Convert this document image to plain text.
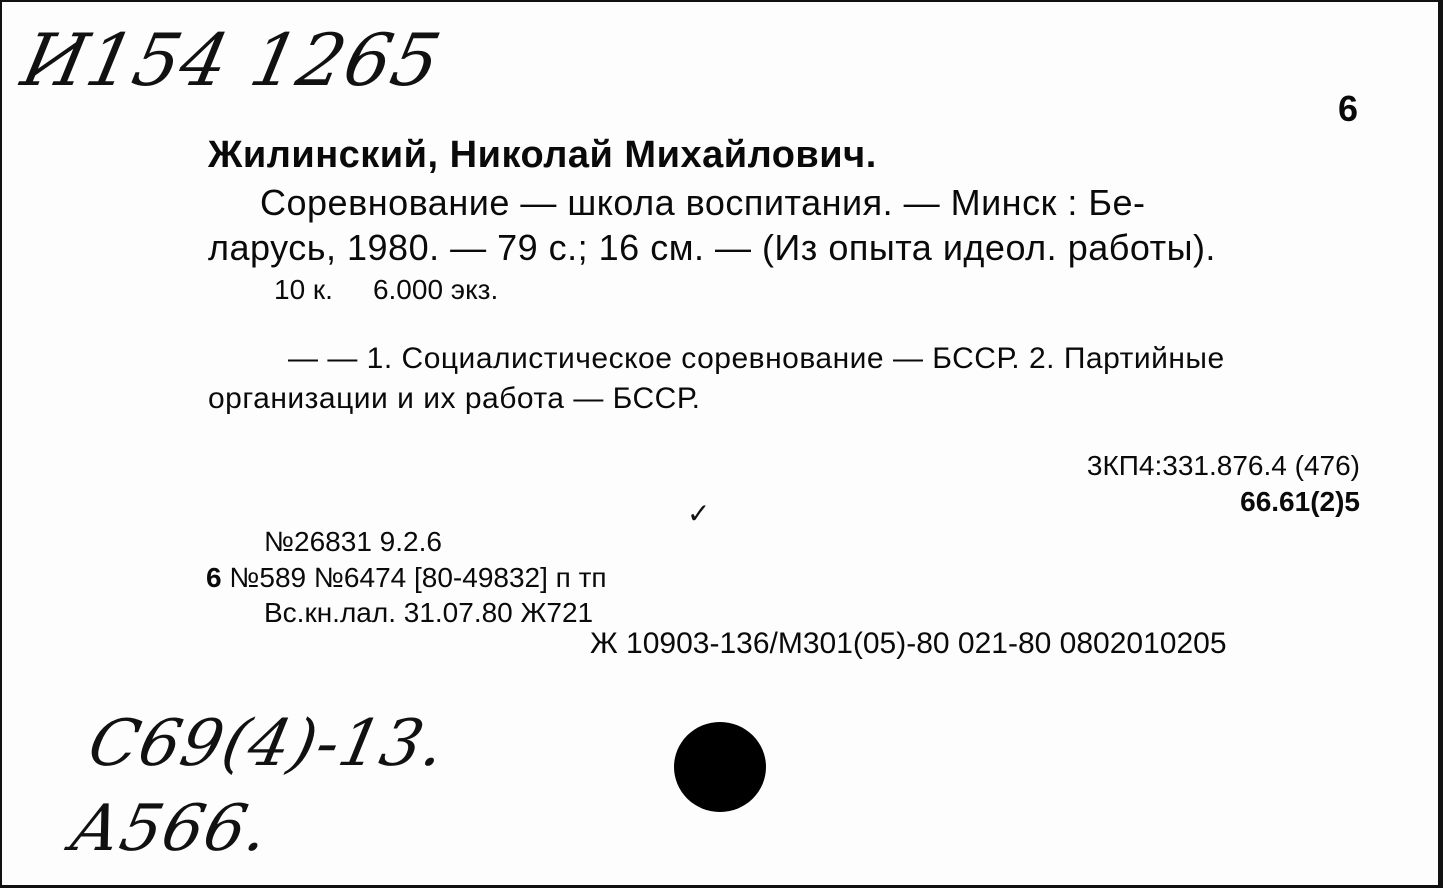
И154 1265
6
Жилинский, Николай Михайлович.
Соревнование — школа воспитания. — Минск : Бе-
ларусь, 1980. — 79 с.; 16 см. — (Из опыта идеол. работы).
10 к. 6.000 экз.
— — 1. Социалистическое соревнование — БССР. 2. Партийные
организации и их работа — БССР.
3КП4:331.876.4 (476)
66.61(2)5
✓
№26831 9.2.6
6 №589 №6474 [80-49832] п тп
Вс.кн.лал. 31.07.80 Ж721
Ж 10903-136/М301(05)-80 021-80 0802010205
С69(4)-13.
А566.
